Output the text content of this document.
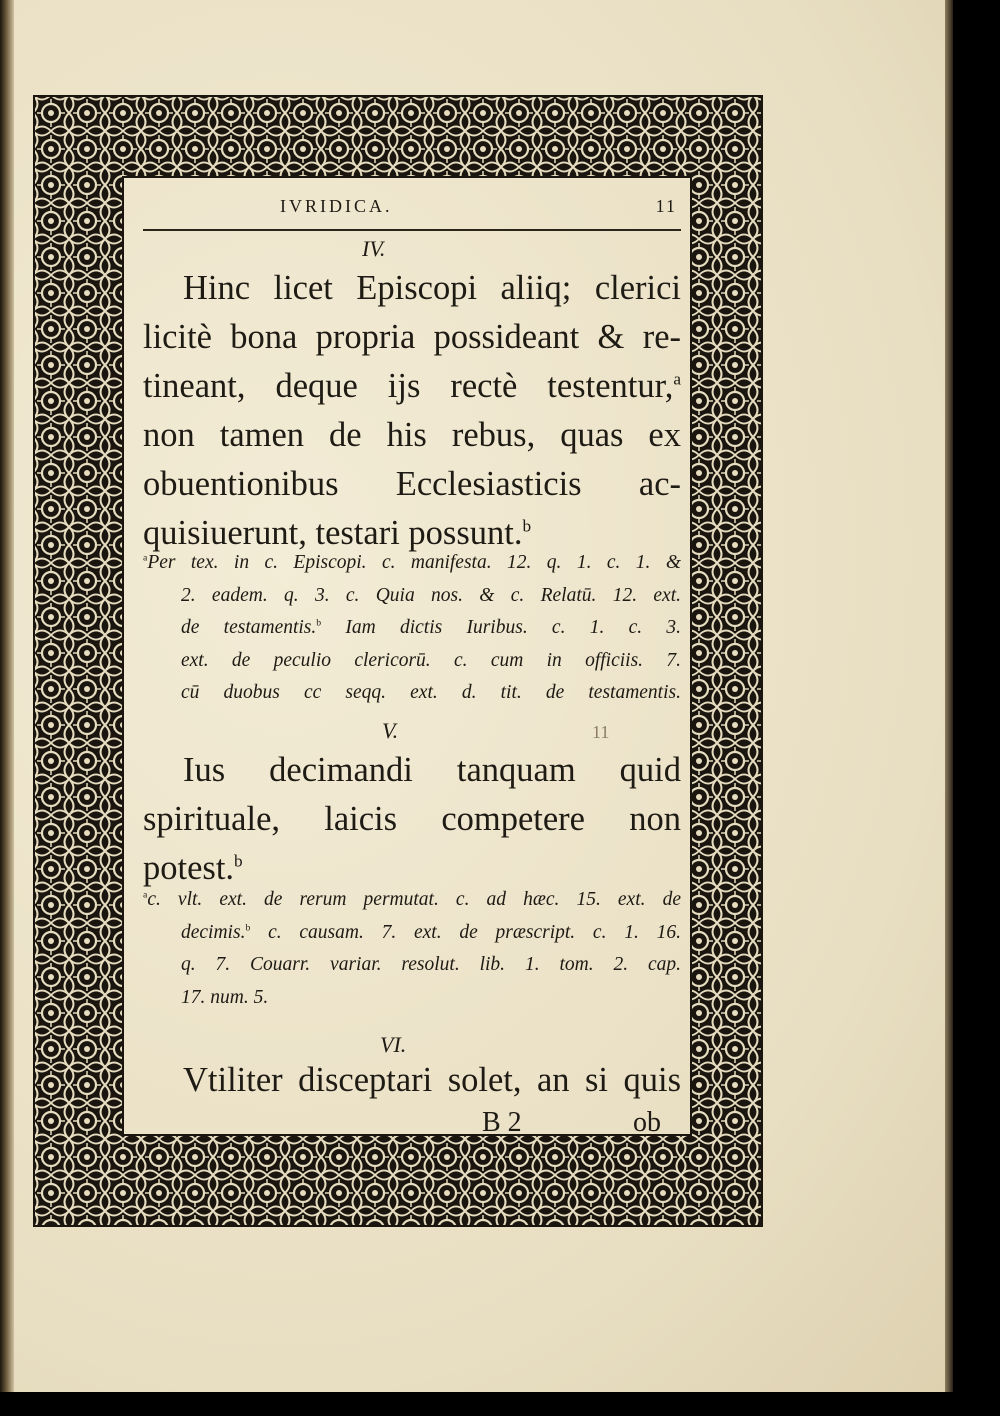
IVRIDICA.	11
IV.
Hinc licet Episcopi aliiq; clerici
licitè bona propria possideant & re-
tineant, deque ijs rectè testentur,$^a$
non tamen de his rebus, quas ex
obuentionibus Ecclesiasticis ac-
quisiuerunt, testari possunt.$^b$
$^a$Per tex. in c. Episcopi. c. manifesta. 12. q. 1. c. 1. &
2. eadem. q. 3. c. Quia nos. & c. Relatū. 12. ext.
de testamentis.$^b$ Iam dictis Iuribus. c. 1. c. 3.
ext. de peculio clericorū. c. cum in officiis. 7.
cū duobus cc seqq. ext. d. tit. de testamentis.
V.	11
Ius decimandi tanquam quid
spirituale, laicis competere non
potest.$^b$
$^a$c. vlt. ext. de rerum permutat. c. ad hæc. 15. ext. de
decimis.$^b$ c. causam. 7. ext. de præscript. c. 1. 16.
q. 7. Couarr. variar. resolut. lib. 1. tom. 2. cap.
17. num. 5.
VI.
Vtiliter disceptari solet, an si quis
B 2	ob
